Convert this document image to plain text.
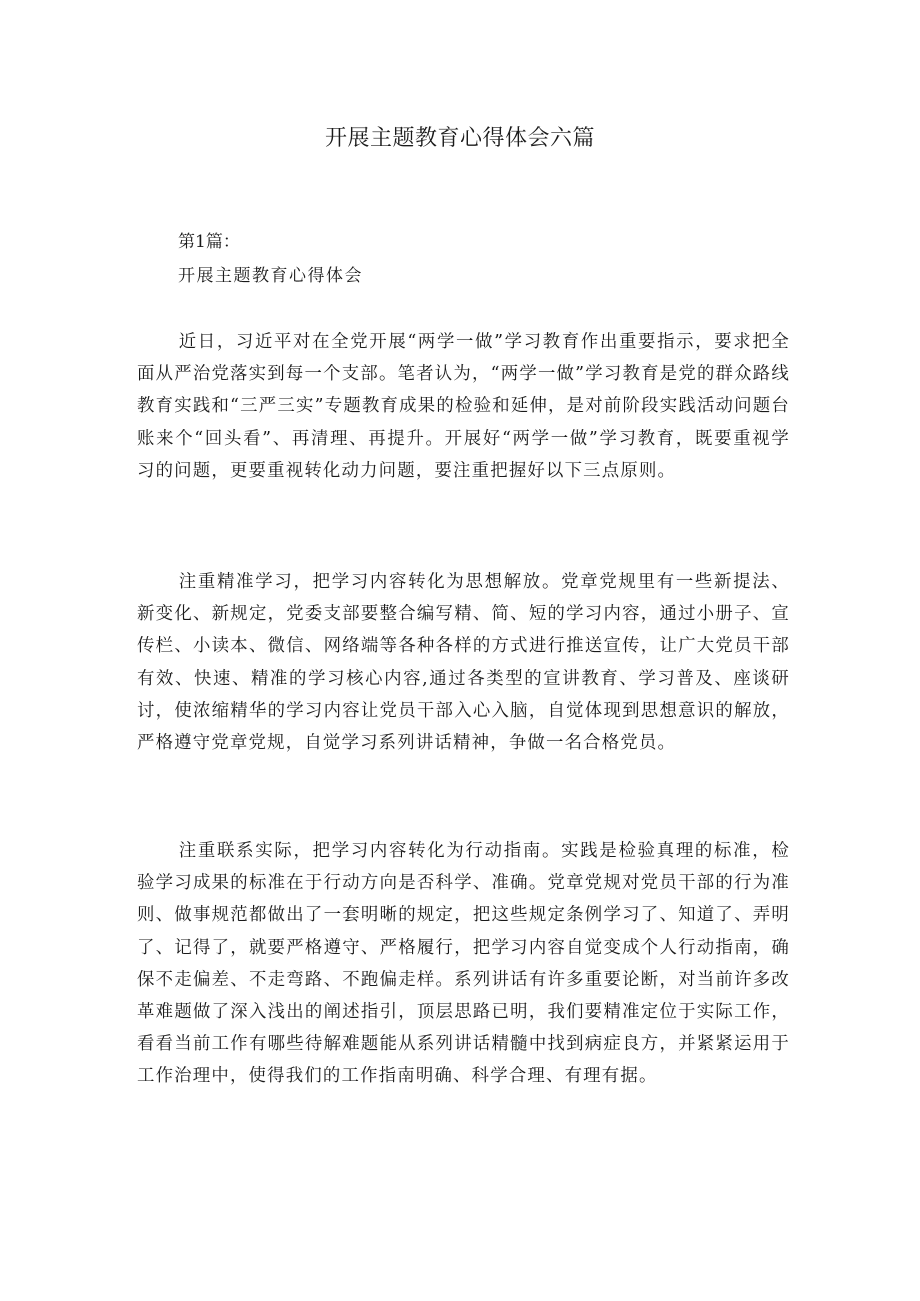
开展主题教育心得体会六篇
第1篇：
开展主题教育心得体会

近日，习近平对在全党开展“两学一做”学习教育作出重要指示，要求把全面从严治党落实到每一个支部。笔者认为，“两学一做”学习教育是党的群众路线教育实践和“三严三实”专题教育成果的检验和延伸，是对前阶段实践活动问题台账来个“回头看”、再清理、再提升。开展好“两学一做”学习教育，既要重视学习的问题，更要重视转化动力问题，要注重把握好以下三点原则。

注重精准学习，把学习内容转化为思想解放。党章党规里有一些新提法、新变化、新规定，党委支部要整合编写精、简、短的学习内容，通过小册子、宣传栏、小读本、微信、网络端等各种各样的方式进行推送宣传，让广大党员干部有效、快速、精准的学习核心内容,通过各类型的宣讲教育、学习普及、座谈研讨，使浓缩精华的学习内容让党员干部入心入脑，自觉体现到思想意识的解放，严格遵守党章党规，自觉学习系列讲话精神，争做一名合格党员。

注重联系实际，把学习内容转化为行动指南。实践是检验真理的标准，检验学习成果的标准在于行动方向是否科学、准确。党章党规对党员干部的行为准则、做事规范都做出了一套明晰的规定，把这些规定条例学习了、知道了、弄明了、记得了，就要严格遵守、严格履行，把学习内容自觉变成个人行动指南，确保不走偏差、不走弯路、不跑偏走样。系列讲话有许多重要论断，对当前许多改革难题做了深入浅出的阐述指引，顶层思路已明，我们要精准定位于实际工作，看看当前工作有哪些待解难题能从系列讲话精髓中找到病症良方，并紧紧运用于工作治理中，使得我们的工作指南明确、科学合理、有理有据。
